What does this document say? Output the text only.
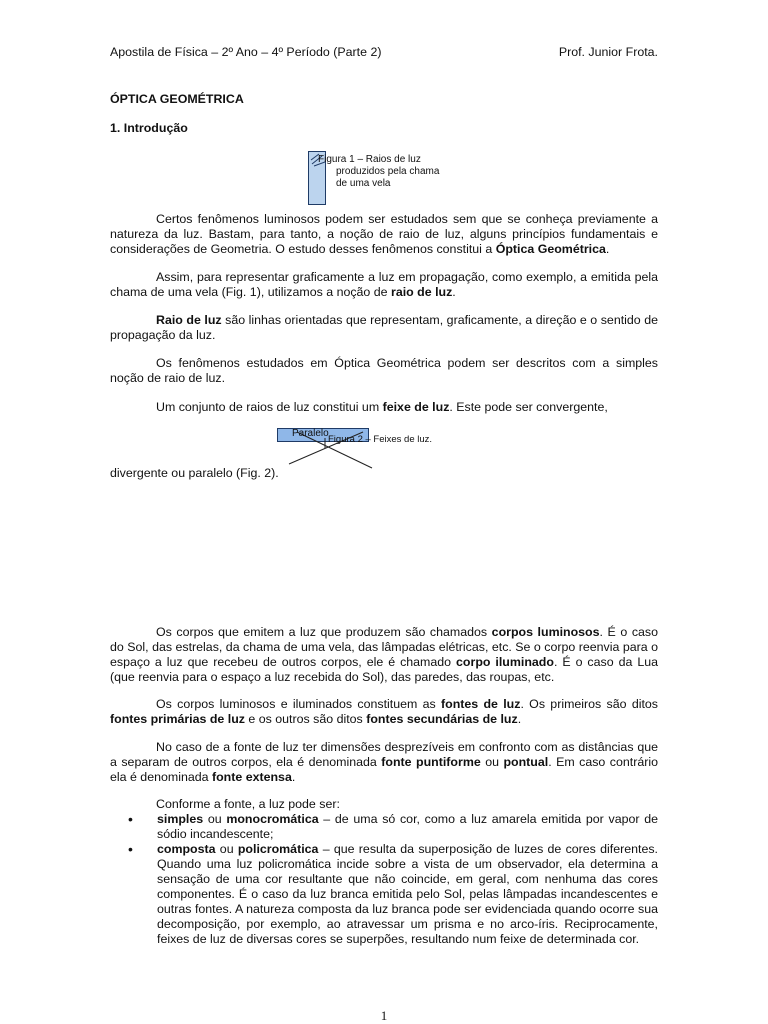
Apostila de Física – 2º Ano – 4º Período (Parte 2)	Prof. Junior Frota.
ÓPTICA GEOMÉTRICA
1. Introdução
Figura 1 – Raios de luz
produzidos pela chama
de uma vela

Certos fenômenos luminosos podem ser estudados sem que se conheça previamente a natureza da luz. Bastam, para tanto, a noção de raio de luz, alguns princípios fundamentais e considerações de Geometria. O estudo desses fenômenos constitui a Óptica Geométrica.

Assim, para representar graficamente a luz em propagação, como exemplo, a emitida pela chama de uma vela (Fig. 1), utilizamos a noção de raio de luz.

Raio de luz são linhas orientadas que representam, graficamente, a direção e o sentido de propagação da luz.

Os fenômenos estudados em Óptica Geométrica podem ser descritos com a simples noção de raio de luz.

Um conjunto de raios de luz constitui um feixe de luz. Este pode ser convergente,

Paralelo
Figura 2 – Feixes de luz.

divergente ou paralelo (Fig. 2).

Os corpos que emitem a luz que produzem são chamados corpos luminosos. É o caso do Sol, das estrelas, da chama de uma vela, das lâmpadas elétricas, etc. Se o corpo reenvia para o espaço a luz que recebeu de outros corpos, ele é chamado corpo iluminado. É o caso da Lua (que reenvia para o espaço a luz recebida do Sol), das paredes, das roupas, etc.

Os corpos luminosos e iluminados constituem as fontes de luz. Os primeiros são ditos fontes primárias de luz e os outros são ditos fontes secundárias de luz.

No caso de a fonte de luz ter dimensões desprezíveis em confronto com as distâncias que a separam de outros corpos, ela é denominada fonte puntiforme ou pontual. Em caso contrário ela é denominada fonte extensa.

Conforme a fonte, a luz pode ser:

• simples ou monocromática – de uma só cor, como a luz amarela emitida por vapor de sódio incandescente;
• composta ou policromática – que resulta da superposição de luzes de cores diferentes. Quando uma luz policromática incide sobre a vista de um observador, ela determina a sensação de uma cor resultante que não coincide, em geral, com nenhuma das cores componentes. É o caso da luz branca emitida pelo Sol, pelas lâmpadas incandescentes e outras fontes. A natureza composta da luz branca pode ser evidenciada quando ocorre sua decomposição, por exemplo, ao atravessar um prisma e no arco-íris. Reciprocamente, feixes de luz de diversas cores se superpões, resultando num feixe de determinada cor.
1
